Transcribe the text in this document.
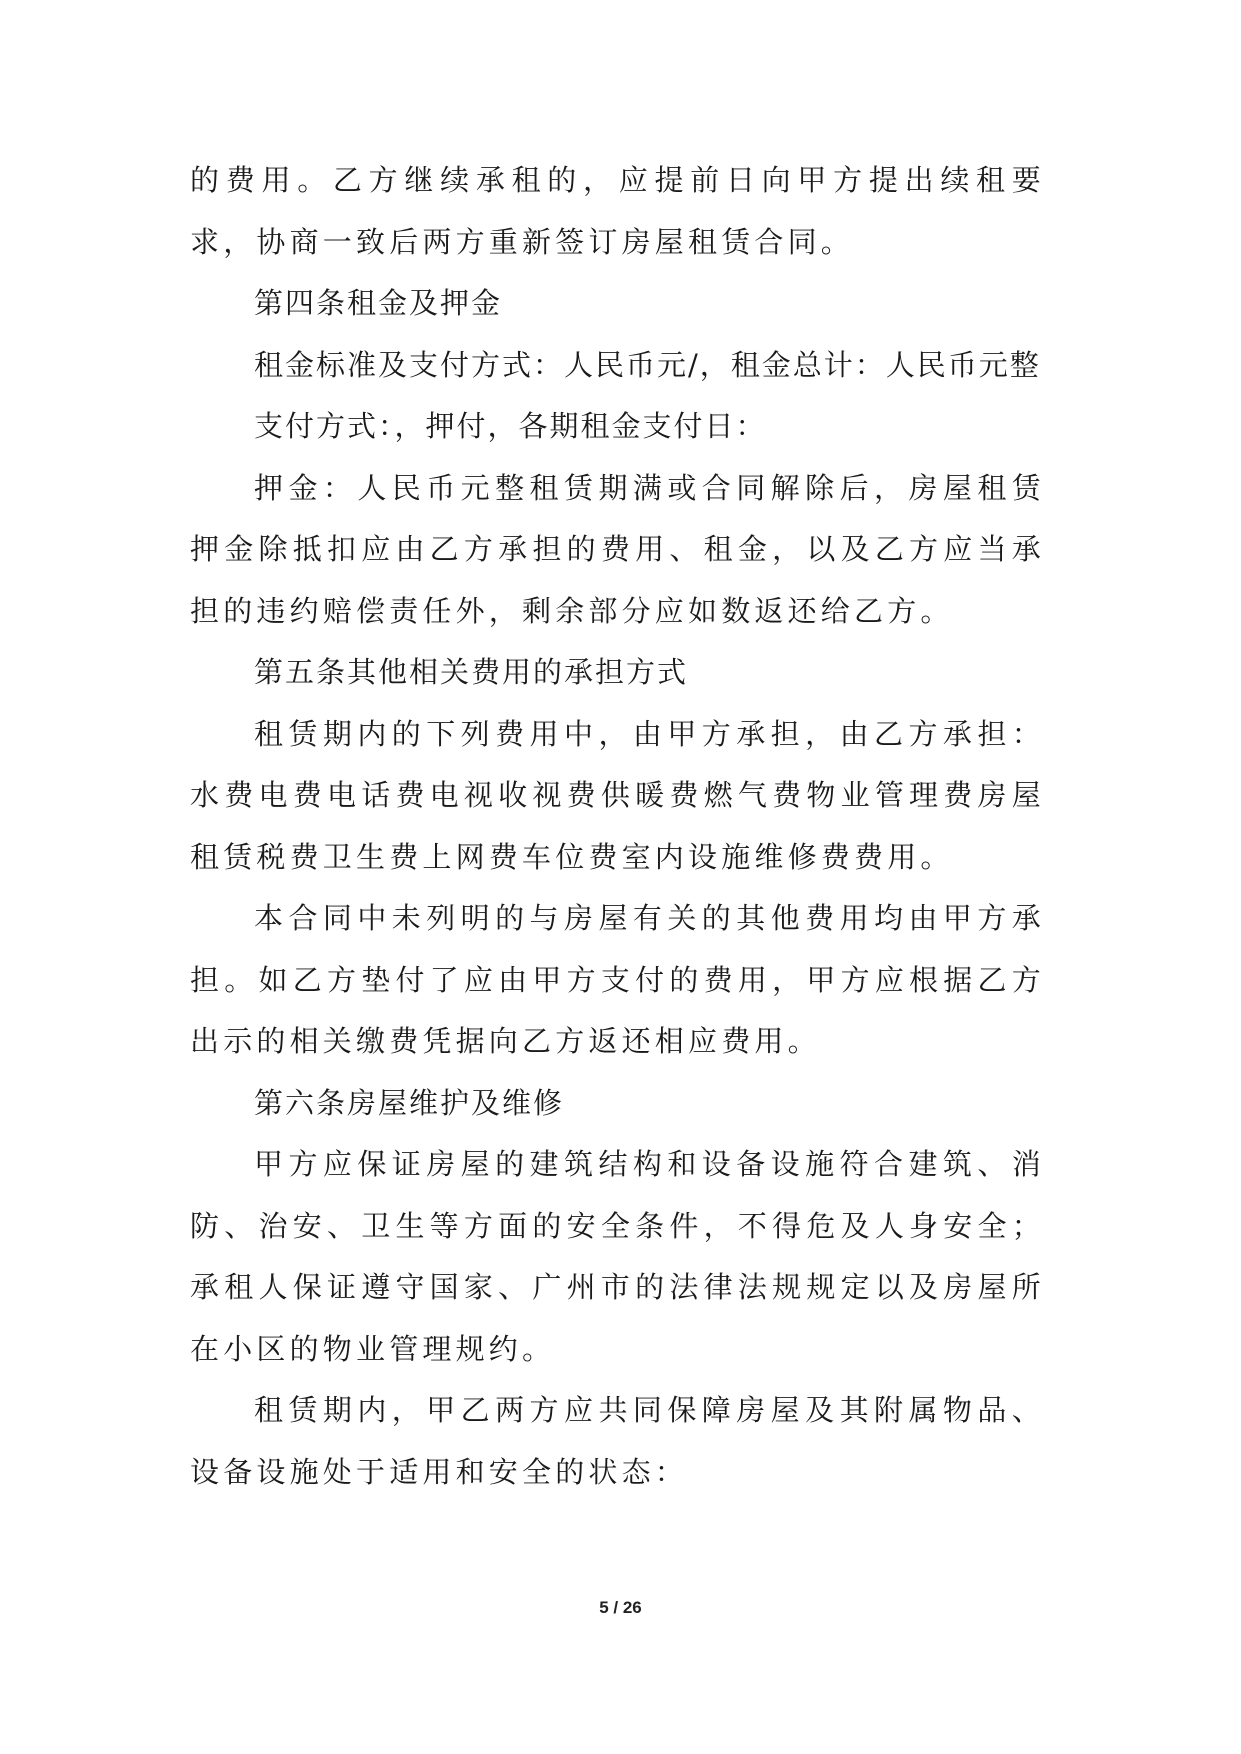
的费用。乙方继续承租的，应提前日向甲方提出续租要求，协商一致后两方重新签订房屋租赁合同。

第四条租金及押金

租金标准及支付方式：人民币元/，租金总计：人民币元整

支付方式：，押付，各期租金支付日：

押金：人民币元整租赁期满或合同解除后，房屋租赁押金除抵扣应由乙方承担的费用、租金，以及乙方应当承担的违约赔偿责任外，剩余部分应如数返还给乙方。

第五条其他相关费用的承担方式

租赁期内的下列费用中，由甲方承担，由乙方承担：水费电费电话费电视收视费供暖费燃气费物业管理费房屋租赁税费卫生费上网费车位费室内设施维修费费用。

本合同中未列明的与房屋有关的其他费用均由甲方承担。如乙方垫付了应由甲方支付的费用，甲方应根据乙方出示的相关缴费凭据向乙方返还相应费用。

第六条房屋维护及维修

甲方应保证房屋的建筑结构和设备设施符合建筑、消防、治安、卫生等方面的安全条件，不得危及人身安全；承租人保证遵守国家、广州市的法律法规规定以及房屋所在小区的物业管理规约。

租赁期内，甲乙两方应共同保障房屋及其附属物品、设备设施处于适用和安全的状态：

5 / 26
